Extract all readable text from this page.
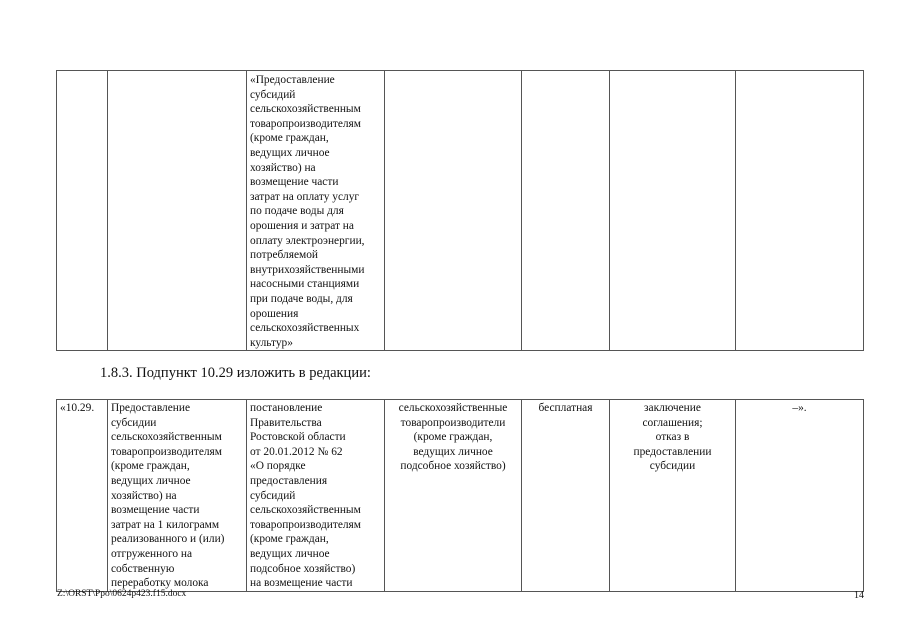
		«Предоставление
субсидий
сельскохозяйственным
товаропроизводителям
(кроме граждан,
ведущих личное
хозяйство) на
возмещение части
затрат на оплату услуг
по подаче воды для
орошения и затрат на
оплату электроэнергии,
потребляемой
внутрихозяйственными
насосными станциями
при подаче воды, для
орошения
сельскохозяйственных
культур»				
1.8.3. Подпункт 10.29 изложить в редакции:
«10.29.	Предоставление
субсидии
сельскохозяйственным
товаропроизводителям
(кроме граждан,
ведущих личное
хозяйство) на
возмещение части
затрат на 1 килограмм
реализованного и (или)
отгруженного на
собственную
переработку молока	постановление
Правительства
Ростовской области
от 20.01.2012 № 62
«О порядке
предоставления
субсидий
сельскохозяйственным
товаропроизводителям
(кроме граждан,
ведущих личное
подсобное хозяйство)
на возмещение части	сельскохозяйственные
товаропроизводители
(кроме граждан,
ведущих личное
подсобное хозяйство)	бесплатная	заключение
соглашения;
отказ в
предоставлении
субсидии	–».
Z:\ORST\Ppo\0624p423.f15.docx	14
